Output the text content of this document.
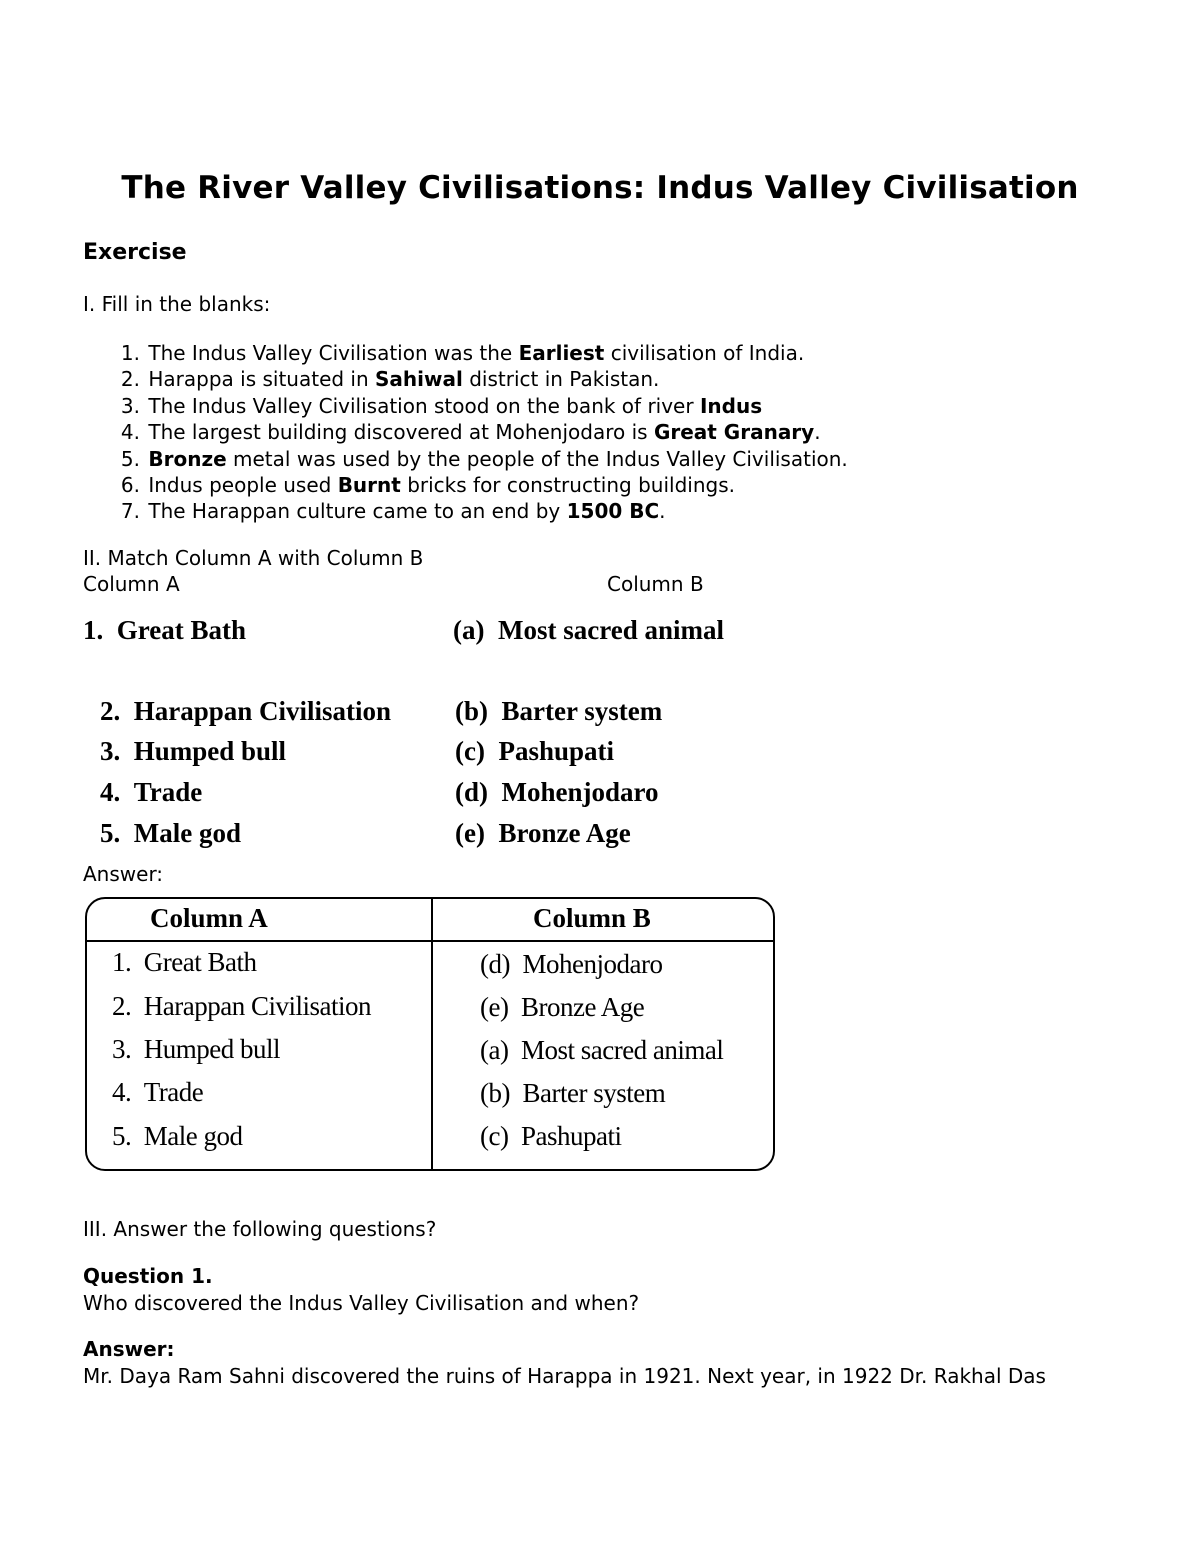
The River Valley Civilisations: Indus Valley Civilisation
Exercise
I. Fill in the blanks:
1. The Indus Valley Civilisation was the Earliest civilisation of India.
2. Harappa is situated in Sahiwal district in Pakistan.
3. The Indus Valley Civilisation stood on the bank of river Indus
4. The largest building discovered at Mohenjodaro is Great Granary.
5. Bronze metal was used by the people of the Indus Valley Civilisation.
6. Indus people used Burnt bricks for constructing buildings.
7. The Harappan culture came to an end by 1500 BC.
II. Match Column A with Column B
Column A	Column B
1. Great Bath	(a) Most sacred animal
2. Harappan Civilisation (b) Barter system
3. Humped bull	(c) Pashupati
4. Trade	(d) Mohenjodaro
5. Male god	(e) Bronze Age
Answer:
Column A	Column B
1. Great Bath	(d) Mohenjodaro
2. Harappan Civilisation	(e) Bronze Age
3. Humped bull	(a) Most sacred animal
4. Trade	(b) Barter system
5. Male god	(c) Pashupati
III. Answer the following questions?
Question 1.
Who discovered the Indus Valley Civilisation and when?
Answer:
Mr. Daya Ram Sahni discovered the ruins of Harappa in 1921. Next year, in 1922 Dr. Rakhal Das
